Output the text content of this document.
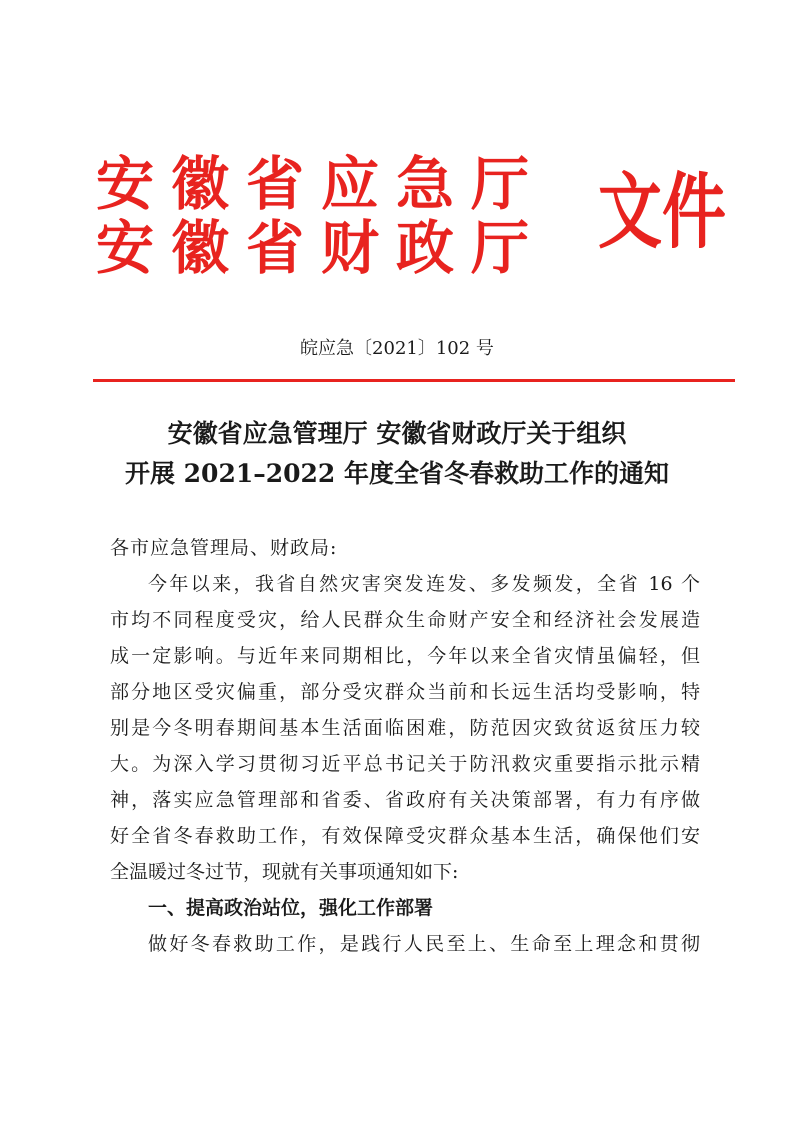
安徽省应急厅
安徽省财政厅 文件
皖应急〔2021〕102 号
安徽省应急管理厅 安徽省财政厅关于组织
开展 2021–2022 年度全省冬春救助工作的通知
各市应急管理局、财政局:
今年以来，我省自然灾害突发连发、多发频发，全省 16 个
市均不同程度受灾，给人民群众生命财产安全和经济社会发展造
成一定影响。与近年来同期相比，今年以来全省灾情虽偏轻，但
部分地区受灾偏重，部分受灾群众当前和长远生活均受影响，特
别是今冬明春期间基本生活面临困难，防范因灾致贫返贫压力较
大。为深入学习贯彻习近平总书记关于防汛救灾重要指示批示精
神，落实应急管理部和省委、省政府有关决策部署，有力有序做
好全省冬春救助工作，有效保障受灾群众基本生活，确保他们安
全温暖过冬过节，现就有关事项通知如下:
一、提高政治站位，强化工作部署
做好冬春救助工作，是践行人民至上、生命至上理念和贯彻
